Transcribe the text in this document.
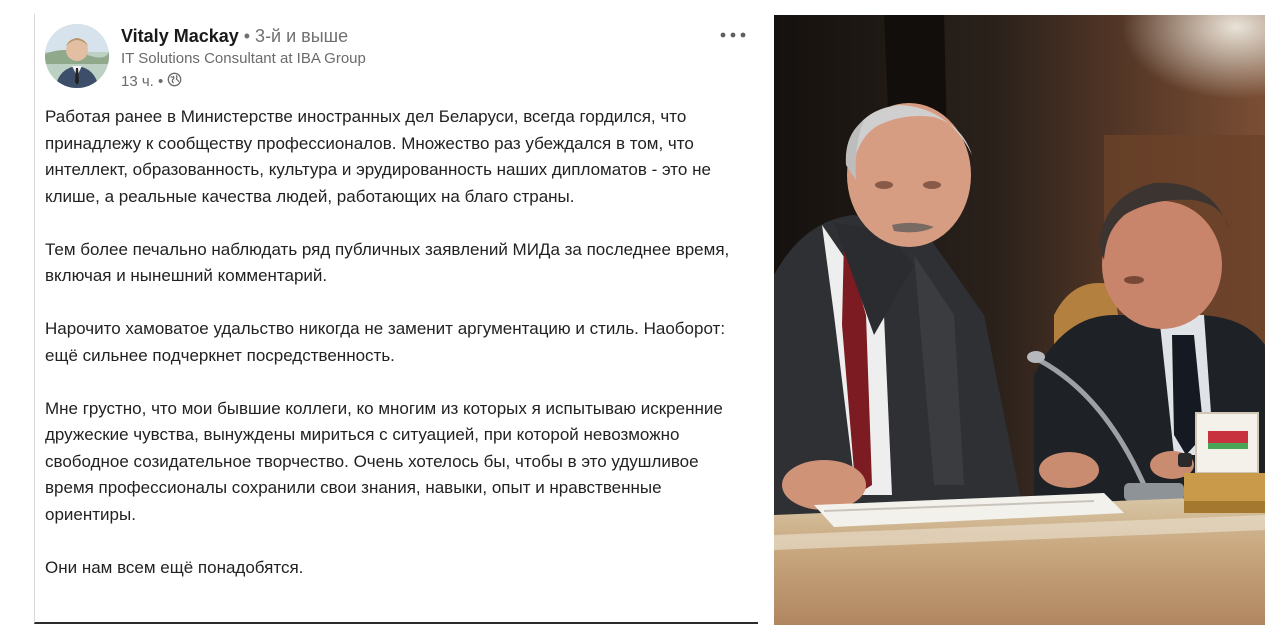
Vitaly Mackay • 3-й и выше
IT Solutions Consultant at IBA Group
13 ч. •

Работая ранее в Министерстве иностранных дел Беларуси, всегда гордился, что принадлежу к сообществу профессионалов. Множество раз убеждался в том, что интеллект, образованность, культура и эрудированность наших дипломатов - это не клише, а реальные качества людей, работающих на благо страны.

Тем более печально наблюдать ряд публичных заявлений МИДа за последнее время, включая и нынешний комментарий.

Нарочито хамоватое удальство никогда не заменит аргументацию и стиль. Наоборот: ещё сильнее подчеркнет посредственность.

Мне грустно, что мои бывшие коллеги, ко многим из которых я испытываю искренние дружеские чувства, вынуждены мириться с ситуацией, при которой невозможно свободное созидательное творчество. Очень хотелось бы, чтобы в это удушливое время профессионалы сохранили свои знания, навыки, опыт и нравственные ориентиры.

Они нам всем ещё понадобятся.
